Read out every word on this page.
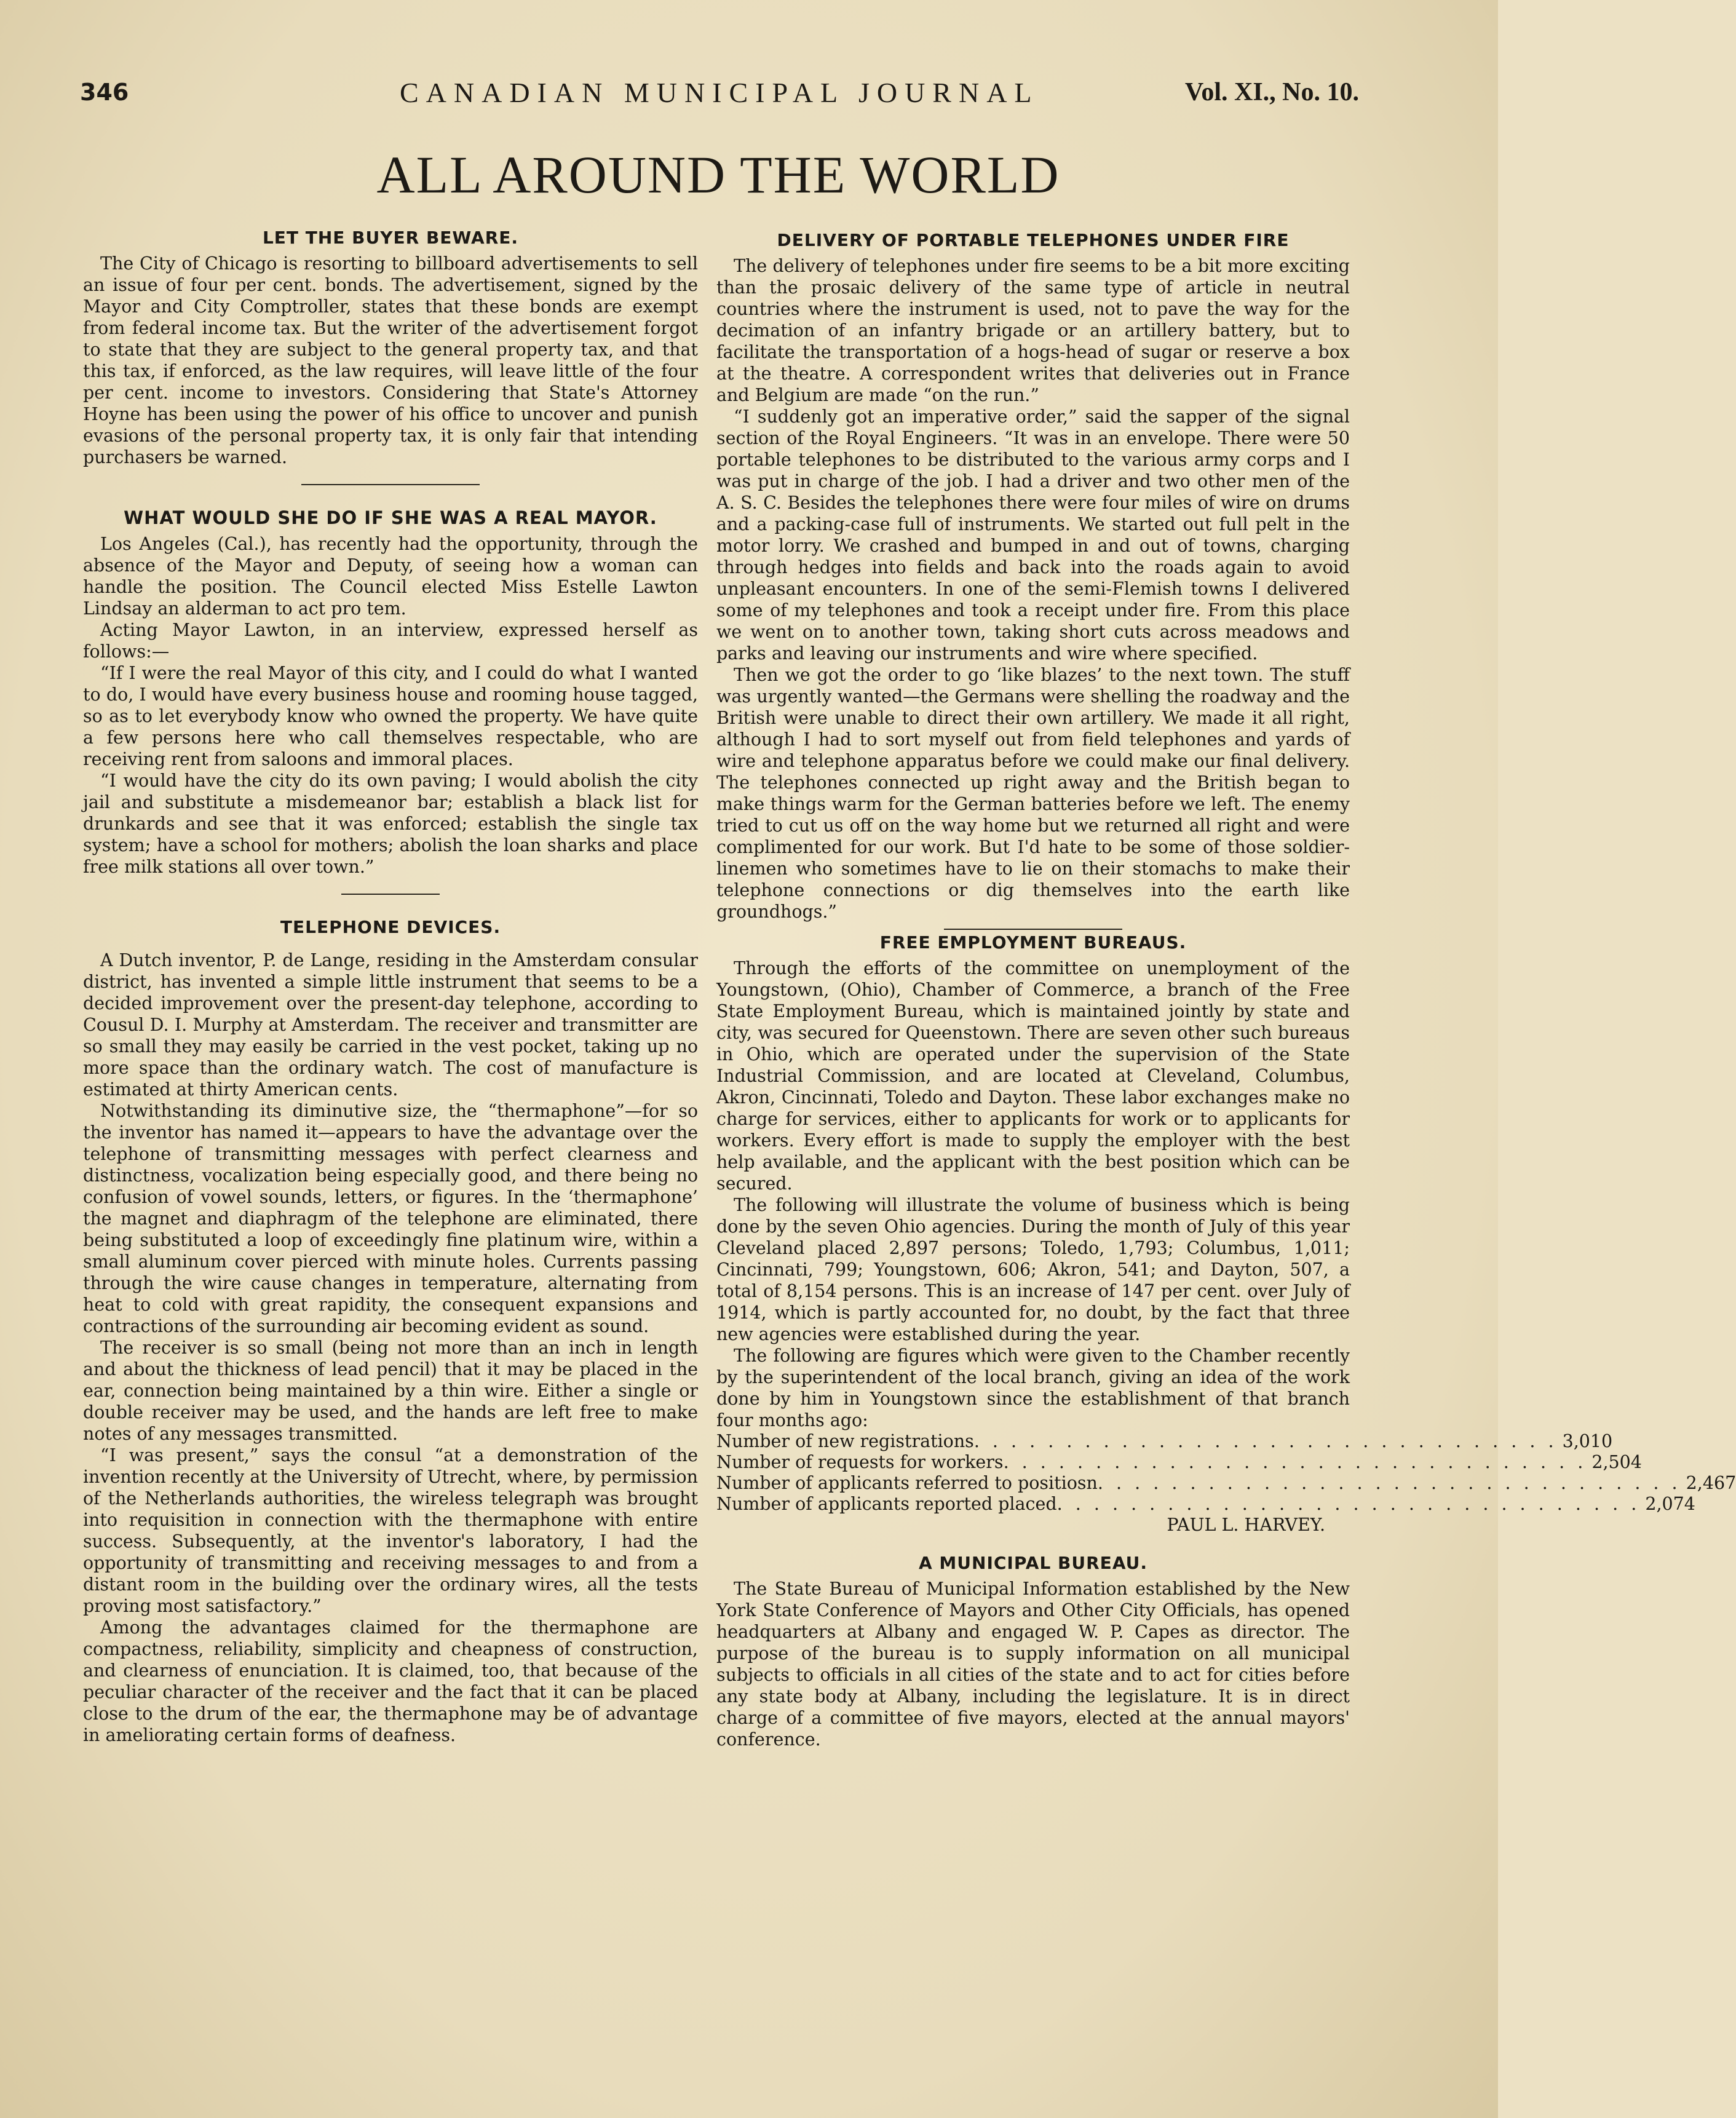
346	CANADIAN MUNICIPAL JOURNAL	Vol. XI., No. 10.
ALL AROUND THE WORLD
LET THE BUYER BEWARE.

The City of Chicago is resorting to billboard advertisements to sell an issue of four per cent. bonds. The advertisement, signed by the Mayor and City Comptroller, states that these bonds are exempt from federal income tax. But the writer of the advertisement forgot to state that they are subject to the general property tax, and that this tax, if enforced, as the law requires, will leave little of the four per cent. income to investors. Considering that State's Attorney Hoyne has been using the power of his office to uncover and punish evasions of the personal property tax, it is only fair that intending purchasers be warned.

WHAT WOULD SHE DO IF SHE WAS A REAL MAYOR.

Los Angeles (Cal.), has recently had the opportunity, through the absence of the Mayor and Deputy, of seeing how a woman can handle the position. The Council elected Miss Estelle Lawton Lindsay an alderman to act pro tem.

Acting Mayor Lawton, in an interview, expressed herself as follows:—

“If I were the real Mayor of this city, and I could do what I wanted to do, I would have every business house and rooming house tagged, so as to let everybody know who owned the property. We have quite a few persons here who call themselves respectable, who are receiving rent from saloons and immoral places.

“I would have the city do its own paving; I would abolish the city jail and substitute a misdemeanor bar; establish a black list for drunkards and see that it was enforced; establish the single tax system; have a school for mothers; abolish the loan sharks and place free milk stations all over town.”

TELEPHONE DEVICES.

A Dutch inventor, P. de Lange, residing in the Amsterdam consular district, has invented a simple little instrument that seems to be a decided improvement over the present-day telephone, according to Cousul D. I. Murphy at Amsterdam. The receiver and transmitter are so small they may easily be carried in the vest pocket, taking up no more space than the ordinary watch. The cost of manufacture is estimated at thirty American cents.

Notwithstanding its diminutive size, the “thermaphone”—for so the inventor has named it—appears to have the advantage over the telephone of transmitting messages with perfect clearness and distinctness, vocalization being especially good, and there being no confusion of vowel sounds, letters, or figures. In the ‘thermaphone’ the magnet and diaphragm of the telephone are eliminated, there being substituted a loop of exceedingly fine platinum wire, within a small aluminum cover pierced with minute holes. Currents passing through the wire cause changes in temperature, alternating from heat to cold with great rapidity, the consequent expansions and contractions of the surrounding air becoming evident as sound.

The receiver is so small (being not more than an inch in length and about the thickness of lead pencil) that it may be placed in the ear, connection being maintained by a thin wire. Either a single or double receiver may be used, and the hands are left free to make notes of any messages transmitted.

“I was present,” says the consul “at a demonstration of the invention recently at the University of Utrecht, where, by permission of the Netherlands authorities, the wireless telegraph was brought into requisition in connection with the thermaphone with entire success. Subsequently, at the inventor's laboratory, I had the opportunity of transmitting and receiving messages to and from a distant room in the building over the ordinary wires, all the tests proving most satisfactory.”

Among the advantages claimed for the thermaphone are compactness, reliability, simplicity and cheapness of construction, and clearness of enunciation. It is claimed, too, that because of the peculiar character of the receiver and the fact that it can be placed close to the drum of the ear, the thermaphone may be of advantage in ameliorating certain forms of deafness.

DELIVERY OF PORTABLE TELEPHONES UNDER FIRE

The delivery of telephones under fire seems to be a bit more exciting than the prosaic delivery of the same type of article in neutral countries where the instrument is used, not to pave the way for the decimation of an infantry brigade or an artillery battery, but to facilitate the transportation of a hogs-head of sugar or reserve a box at the theatre. A correspondent writes that deliveries out in France and Belgium are made “on the run.”

“I suddenly got an imperative order,” said the sapper of the signal section of the Royal Engineers. “It was in an envelope. There were 50 portable telephones to be distributed to the various army corps and I was put in charge of the job. I had a driver and two other men of the A. S. C. Besides the telephones there were four miles of wire on drums and a packing-case full of instruments. We started out full pelt in the motor lorry. We crashed and bumped in and out of towns, charging through hedges into fields and back into the roads again to avoid unpleasant encounters. In one of the semi-Flemish towns I delivered some of my telephones and took a receipt under fire. From this place we went on to another town, taking short cuts across meadows and parks and leaving our instruments and wire where specified.

Then we got the order to go ‘like blazes’ to the next town. The stuff was urgently wanted—the Germans were shelling the roadway and the British were unable to direct their own artillery. We made it all right, although I had to sort myself out from field telephones and yards of wire and telephone apparatus before we could make our final delivery. The telephones connected up right away and the British began to make things warm for the German batteries before we left. The enemy tried to cut us off on the way home but we returned all right and were complimented for our work. But I'd hate to be some of those soldier-linemen who sometimes have to lie on their stomachs to make their telephone connections or dig themselves into the earth like groundhogs.”

FREE EMPLOYMENT BUREAUS.

Through the efforts of the committee on unemployment of the Youngstown, (Ohio), Chamber of Commerce, a branch of the Free State Employment Bureau, which is maintained jointly by state and city, was secured for Queenstown. There are seven other such bureaus in Ohio, which are operated under the supervision of the State Industrial Commission, and are located at Cleveland, Columbus, Akron, Cincinnati, Toledo and Dayton. These labor exchanges make no charge for services, either to applicants for work or to applicants for workers. Every effort is made to supply the employer with the best help available, and the applicant with the best position which can be secured.

The following will illustrate the volume of business which is being done by the seven Ohio agencies. During the month of July of this year Cleveland placed 2,897 persons; Toledo, 1,793; Columbus, 1,011; Cincinnati, 799; Youngstown, 606; Akron, 541; and Dayton, 507, a total of 8,154 persons. This is an increase of 147 per cent. over July of 1914, which is partly accounted for, no doubt, by the fact that three new agencies were established during the year.

The following are figures which were given to the Chamber recently by the superintendent of the local branch, giving an idea of the work done by him in Youngstown since the establishment of that branch four months ago:

Number of new registrations . . . . . . . . . . . . . . . . . . . . . . . . . . . . . . . . 3,010
Number of requests for workers . . . . . . . . . . . . . . . . . . . . . . . . . . . . . . . . 2,504
Number of applicants referred to positiosn . . . . . . . . . . . . . . . . . . . . . . . . . . . . . . . . 2,467
Number of applicants reported placed . . . . . . . . . . . . . . . . . . . . . . . . . . . . . . . . 2,074
PAUL L. HARVEY.
A MUNICIPAL BUREAU.

The State Bureau of Municipal Information established by the New York State Conference of Mayors and Other City Officials, has opened headquarters at Albany and engaged W. P. Capes as director. The purpose of the bureau is to supply information on all municipal subjects to officials in all cities of the state and to act for cities before any state body at Albany, including the legislature. It is in direct charge of a committee of five mayors, elected at the annual mayors' conference.
